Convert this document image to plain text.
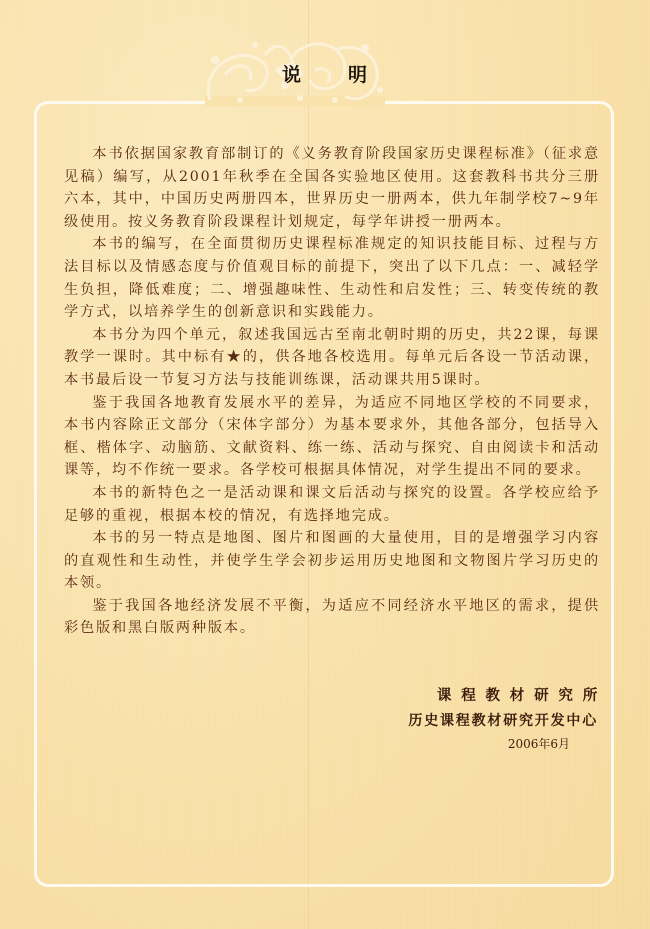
说 明

本书依据国家教育部制订的《义务教育阶段国家历史课程标准》（征求意见稿）编写，从2001年秋季在全国各实验地区使用。这套教科书共分三册六本，其中，中国历史两册四本，世界历史一册两本，供九年制学校7~9年级使用。按义务教育阶段课程计划规定，每学年讲授一册两本。

本书的编写，在全面贯彻历史课程标准规定的知识技能目标、过程与方法目标以及情感态度与价值观目标的前提下，突出了以下几点：一、减轻学生负担，降低难度；二、增强趣味性、生动性和启发性；三、转变传统的教学方式，以培养学生的创新意识和实践能力。

本书分为四个单元，叙述我国远古至南北朝时期的历史，共22课，每课教学一课时。其中标有★的，供各地各校选用。每单元后各设一节活动课，本书最后设一节复习方法与技能训练课，活动课共用5课时。

鉴于我国各地教育发展水平的差异，为适应不同地区学校的不同要求，本书内容除正文部分（宋体字部分）为基本要求外，其他各部分，包括导入框、楷体字、动脑筋、文献资料、练一练、活动与探究、自由阅读卡和活动课等，均不作统一要求。各学校可根据具体情况，对学生提出不同的要求。

本书的新特色之一是活动课和课文后活动与探究的设置。各学校应给予足够的重视，根据本校的情况，有选择地完成。

本书的另一特点是地图、图片和图画的大量使用，目的是增强学习内容的直观性和生动性，并使学生学会初步运用历史地图和文物图片学习历史的本领。

鉴于我国各地经济发展不平衡，为适应不同经济水平地区的需求，提供彩色版和黑白版两种版本。

课程教材研究所
历史课程教材研究开发中心
2006年6月
